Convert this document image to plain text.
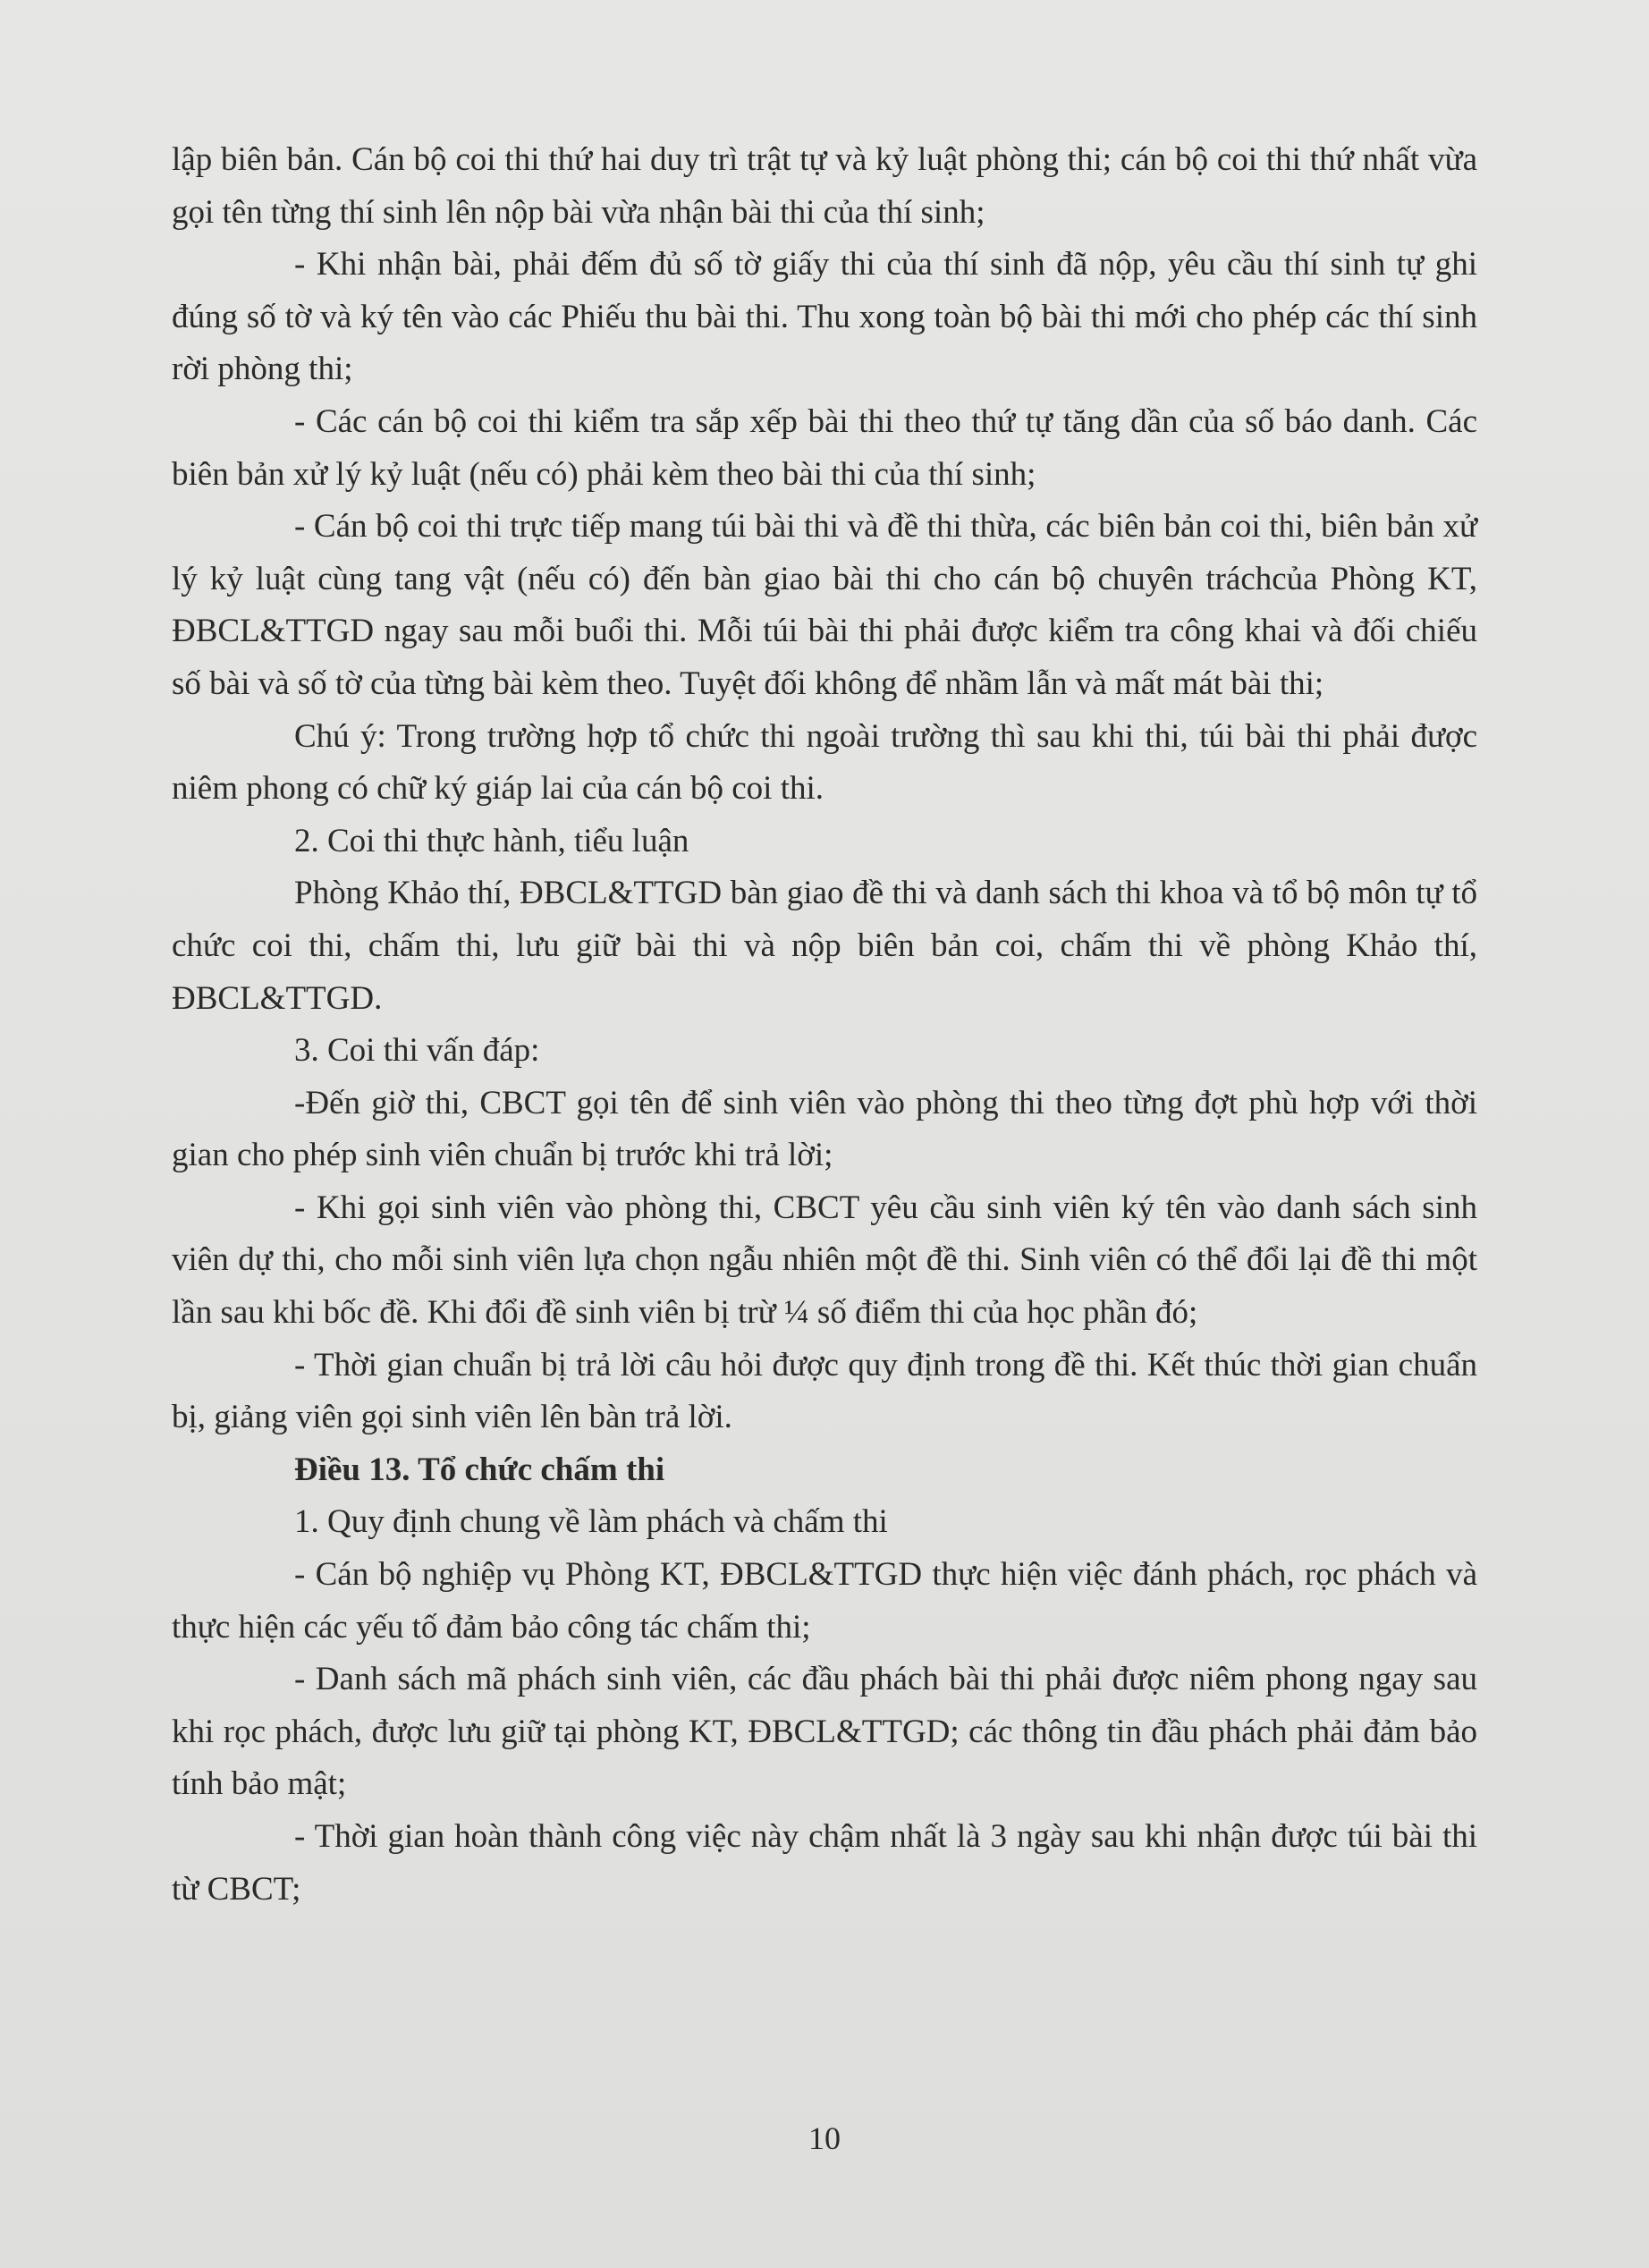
lập biên bản. Cán bộ coi thi thứ hai duy trì trật tự và kỷ luật phòng thi; cán bộ coi thi thứ nhất vừa gọi tên từng thí sinh lên nộp bài vừa nhận bài thi của thí sinh;

- Khi nhận bài, phải đếm đủ số tờ giấy thi của thí sinh đã nộp, yêu cầu thí sinh tự ghi đúng số tờ và ký tên vào các Phiếu thu bài thi. Thu xong toàn bộ bài thi mới cho phép các thí sinh rời phòng thi;

- Các cán bộ coi thi kiểm tra sắp xếp bài thi theo thứ tự tăng dần của số báo danh. Các biên bản xử lý kỷ luật (nếu có) phải kèm theo bài thi của thí sinh;

- Cán bộ coi thi trực tiếp mang túi bài thi và đề thi thừa, các biên bản coi thi, biên bản xử lý kỷ luật cùng tang vật (nếu có) đến bàn giao bài thi cho cán bộ chuyên tráchcủa Phòng KT, ĐBCL&TTGD ngay sau mỗi buổi thi. Mỗi túi bài thi phải được kiểm tra công khai và đối chiếu số bài và số tờ của từng bài kèm theo. Tuyệt đối không để nhầm lẫn và mất mát bài thi;

Chú ý: Trong trường hợp tổ chức thi ngoài trường thì sau khi thi, túi bài thi phải được niêm phong có chữ ký giáp lai của cán bộ coi thi.

2. Coi thi thực hành, tiểu luận

Phòng Khảo thí, ĐBCL&TTGD bàn giao đề thi và danh sách thi khoa và tổ bộ môn tự tổ chức coi thi, chấm thi, lưu giữ bài thi và nộp biên bản coi, chấm thi về phòng Khảo thí, ĐBCL&TTGD.

3. Coi thi vấn đáp:

-Đến giờ thi, CBCT gọi tên để sinh viên vào phòng thi theo từng đợt phù hợp với thời gian cho phép sinh viên chuẩn bị trước khi trả lời;

- Khi gọi sinh viên vào phòng thi, CBCT yêu cầu sinh viên ký tên vào danh sách sinh viên dự thi, cho mỗi sinh viên lựa chọn ngẫu nhiên một đề thi. Sinh viên có thể đổi lại đề thi một lần sau khi bốc đề. Khi đổi đề sinh viên bị trừ ¼ số điểm thi của học phần đó;

- Thời gian chuẩn bị trả lời câu hỏi được quy định trong đề thi. Kết thúc thời gian chuẩn bị, giảng viên gọi sinh viên lên bàn trả lời.

Điều 13. Tổ chức chấm thi

1. Quy định chung về làm phách và chấm thi

- Cán bộ nghiệp vụ Phòng KT, ĐBCL&TTGD thực hiện việc đánh phách, rọc phách và thực hiện các yếu tố đảm bảo công tác chấm thi;

- Danh sách mã phách sinh viên, các đầu phách bài thi phải được niêm phong ngay sau khi rọc phách, được lưu giữ tại phòng KT, ĐBCL&TTGD; các thông tin đầu phách phải đảm bảo tính bảo mật;

- Thời gian hoàn thành công việc này chậm nhất là 3 ngày sau khi nhận được túi bài thi từ CBCT;

10
